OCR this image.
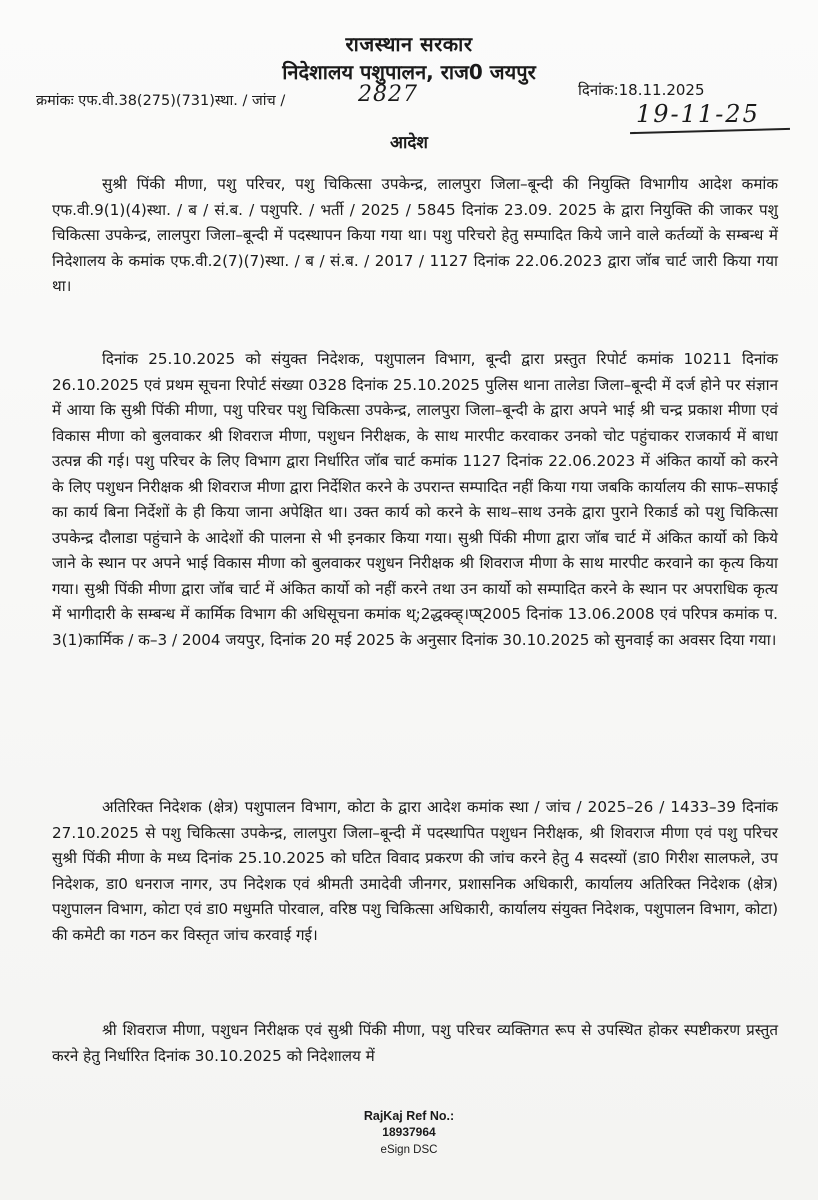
राजस्थान सरकार
निदेशालय पशुपालन, राज0 जयपुर
क्रमांकः एफ.वी.38(275)(731)स्था. / जांच /	2827	दिनांक:18.11.2025
19-11-25
आदेश

सुश्री पिंकी मीणा, पशु परिचर, पशु चिकित्सा उपकेन्द्र, लालपुरा जिला–बून्दी की नियुक्ति विभागीय आदेश कमांक एफ.वी.9(1)(4)स्था. / ब / सं.ब. / पशुपरि. / भर्ती / 2025 / 5845 दिनांक 23.09. 2025 के द्वारा नियुक्ति की जाकर पशु चिकित्सा उपकेन्द्र, लालपुरा जिला–बून्दी में पदस्थापन किया गया था। पशु परिचरो हेतु सम्पादित किये जाने वाले कर्तव्यों के सम्बन्ध में निदेशालय के कमांक एफ.वी.2(7)(7)स्था. / ब / सं.ब. / 2017 / 1127 दिनांक 22.06.2023 द्वारा जॉब चार्ट जारी किया गया था।

दिनांक 25.10.2025 को संयुक्त निदेशक, पशुपालन विभाग, बून्दी द्वारा प्रस्तुत रिपोर्ट कमांक 10211 दिनांक 26.10.2025 एवं प्रथम सूचना रिपोर्ट संख्या 0328 दिनांक 25.10.2025 पुलिस थाना तालेडा जिला–बून्दी में दर्ज होने पर संज्ञान में आया कि सुश्री पिंकी मीणा, पशु परिचर पशु चिकित्सा उपकेन्द्र, लालपुरा जिला–बून्दी के द्वारा अपने भाई श्री चन्द्र प्रकाश मीणा एवं विकास मीणा को बुलवाकर श्री शिवराज मीणा, पशुधन निरीक्षक, के साथ मारपीट करवाकर उनको चोट पहुंचाकर राजकार्य में बाधा उत्पन्न की गई। पशु परिचर के लिए विभाग द्वारा निर्धारित जॉब चार्ट कमांक 1127 दिनांक 22.06.2023 में अंकित कार्यो को करने के लिए पशुधन निरीक्षक श्री शिवराज मीणा द्वारा निर्देशित करने के उपरान्त सम्पादित नहीं किया गया जबकि कार्यालय की साफ–सफाई का कार्य बिना निर्देशों के ही किया जाना अपेक्षित था। उक्त कार्य को करने के साथ–साथ उनके द्वारा पुराने रिकार्ड को पशु चिकित्सा उपकेन्द्र दौलाडा पहुंचाने के आदेशों की पालना से भी इनकार किया गया। सुश्री पिंकी मीणा द्वारा जॉब चार्ट में अंकित कार्यो को किये जाने के स्थान पर अपने भाई विकास मीणा को बुलवाकर पशुधन निरीक्षक श्री शिवराज मीणा के साथ मारपीट करवाने का कृत्य किया गया। सुश्री पिंकी मीणा द्वारा जॉब चार्ट में अंकित कार्यो को नहीं करने तथा उन कार्यो को सम्पादित करने के स्थान पर अपराधिक कृत्य में भागीदारी के सम्बन्ध में कार्मिक विभाग की अधिसूचना कमांक थ्;2द्धक्व्ह्।प्ष्2005 दिनांक 13.06.2008 एवं परिपत्र कमांक प. 3(1)कार्मिक / क–3 / 2004 जयपुर, दिनांक 20 मई 2025 के अनुसार दिनांक 30.10.2025 को सुनवाई का अवसर दिया गया।

अतिरिक्त निदेशक (क्षेत्र) पशुपालन विभाग, कोटा के द्वारा आदेश कमांक स्था / जांच / 2025–26 / 1433–39 दिनांक 27.10.2025 से पशु चिकित्सा उपकेन्द्र, लालपुरा जिला–बून्दी में पदस्थापित पशुधन निरीक्षक, श्री शिवराज मीणा एवं पशु परिचर सुश्री पिंकी मीणा के मध्य दिनांक 25.10.2025 को घटित विवाद प्रकरण की जांच करने हेतु 4 सदस्यों (डा0 गिरीश सालफले, उप निदेशक, डा0 धनराज नागर, उप निदेशक एवं श्रीमती उमादेवी जीनगर, प्रशासनिक अधिकारी, कार्यालय अतिरिक्त निदेशक (क्षेत्र) पशुपालन विभाग, कोटा एवं डा0 मधुमति पोरवाल, वरिष्ठ पशु चिकित्सा अधिकारी, कार्यालय संयुक्त निदेशक, पशुपालन विभाग, कोटा) की कमेटी का गठन कर विस्तृत जांच करवाई गई।

श्री शिवराज मीणा, पशुधन निरीक्षक एवं सुश्री पिंकी मीणा, पशु परिचर व्यक्तिगत रूप से उपस्थित होकर स्पष्टीकरण प्रस्तुत करने हेतु निर्धारित दिनांक 30.10.2025 को निदेशालय में

RajKaj Ref No.:
18937964
eSign DSC
